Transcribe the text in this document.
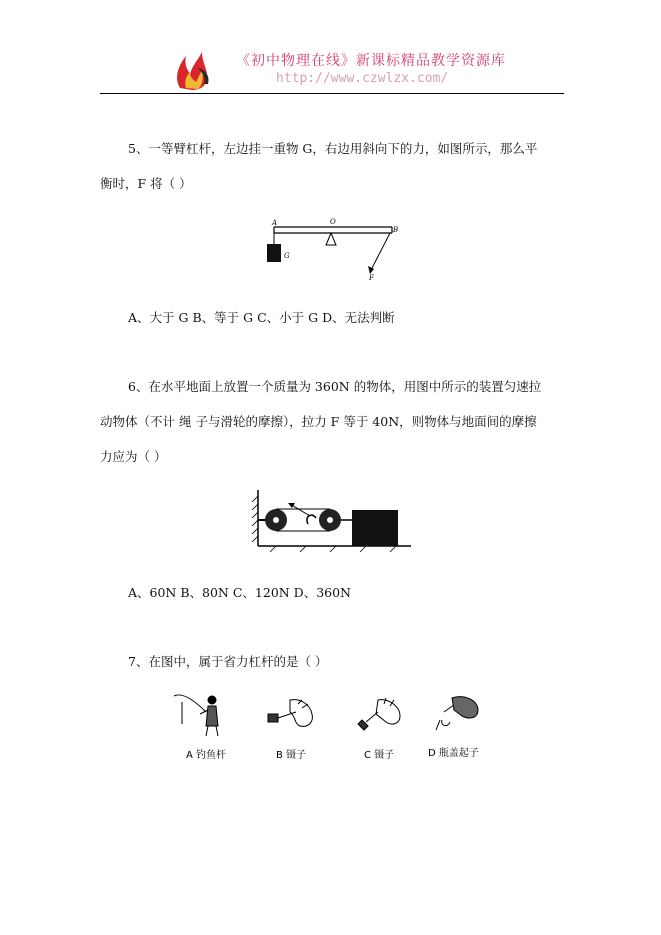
《初中物理在线》新课标精品教学资源库
http://www.czwlzx.com/
5、一等臂杠杆，左边挂一重物 G，右边用斜向下的力，如图所示，那么平
衡时，F 将（ ）
A	O
B
G
F
A、大于 G B、等于 G C、小于 G D、无法判断
6、在水平地面上放置一个质量为 360N 的物体，用图中所示的装置匀速拉
动物体（不计 绳 子与滑轮的摩擦），拉力 F 等于 40N，则物体与地面间的摩擦
力应为（ ）
A、60N B、80N C、120N D、360N
7、在图中，属于省力杠杆的是（ ）
A 钓鱼杆	B 镊子	C 镊子	D 瓶盖起子
